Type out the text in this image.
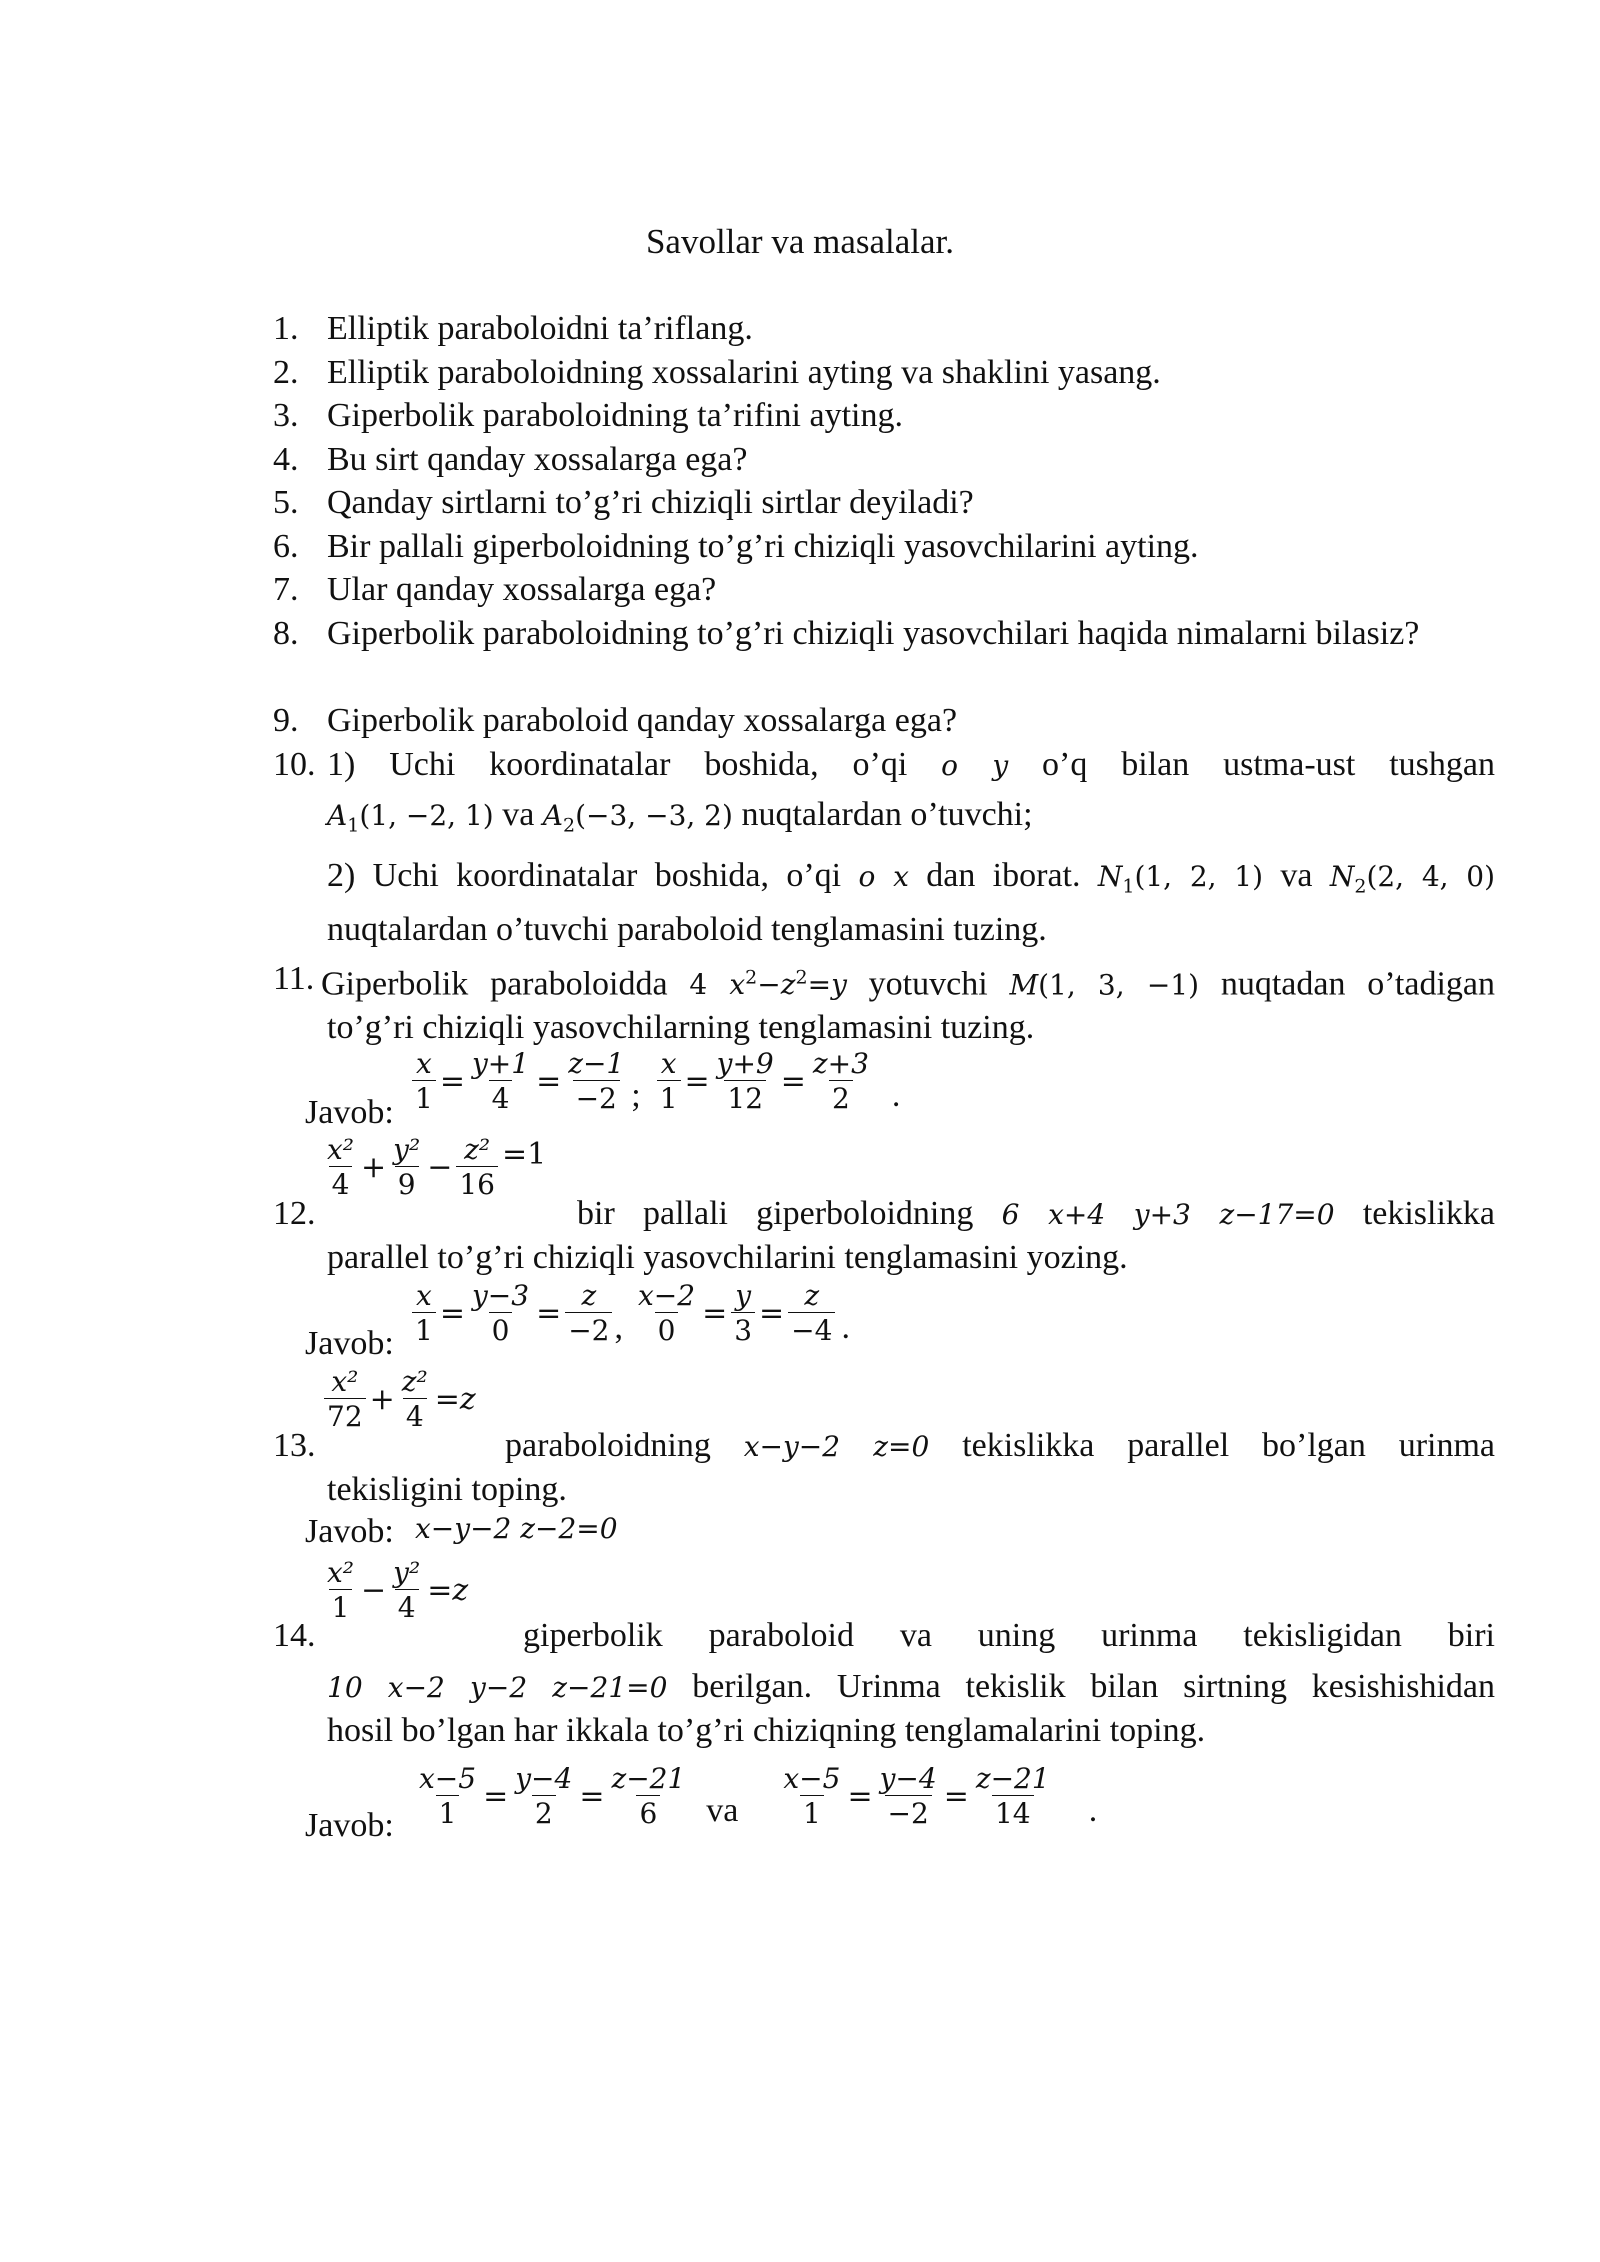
Savollar va masalalar.
1. Elliptik paraboloidni ta’riflang.
2. Elliptik paraboloidning xossalarini ayting va shaklini yasang.
3. Giperbolik paraboloidning ta’rifini ayting.
4. Bu sirt qanday xossalarga ega?
5. Qanday sirtlarni to’g’ri chiziqli sirtlar deyiladi?
6. Bir pallali giperboloidning to’g’ri chiziqli yasovchilarini ayting.
7. Ular qanday xossalarga ega?
8. Giperbolik paraboloidning to’g’ri chiziqli yasovchilari haqida nimalarni bilasiz?
9. Giperbolik paraboloid qanday xossalarga ega?
10. 1) Uchi koordinatalar boshida, o’qi o y o’q bilan ustma-ust tushgan
$A_1(1$, −2, 1) va $A_2(-3$, −3, 2) nuqtalardan o’tuvchi;
2) Uchi koordinatalar boshida, o’qi o x dan iborat. $N_1(1$, 2, 1) va $N_2(2$, 4, 0)
nuqtalardan o’tuvchi paraboloid tenglamasini tuzing.
11. Giperbolik paraboloidda 4 $x^2-z^2=y$ yotuvchi M(1, 3, −1) nuqtadan o’tadigan
to’g’ri chiziqli yasovchilarning tenglamasini tuzing.
Javob: $\frac{x}{1} = \frac{y+1}{4} = \frac{z-1}{-2}$ ; $\frac{x}{1} = \frac{y+9}{12} = \frac{z+3}{2}$ .
$\frac{\text{x²}}{4} + \frac{\text{y²}}{9} - \frac{\text{z²}}{16} =1$
12.	bir pallali giperboloidning 6 x+4 y+3 z−17=0 tekislikka
parallel to’g’ri chiziqli yasovchilarini tenglamasini yozing.
Javob: $\frac{x}{1} = \frac{y-3}{0} = \frac{z}{-2}$ , $\frac{x-2}{0} = \frac{y}{3} = \frac{z}{-4}$ .
$\frac{\text{x²}}{72} + \frac{\text{z²}}{4} =z$
13.	paraboloidning x−y−2 z=0 tekislikka parallel bo’lgan urinma
tekisligini toping.
Javob: x−y−2 z−2=0
$\frac{\text{x²}}{1} - \frac{\text{y²}}{4} =z$
14.	giperbolik paraboloid va uning urinma tekisligidan biri
10 x−2 y−2 z−21=0 berilgan. Urinma tekislik bilan sirtning kesishishidan
hosil bo’lgan har ikkala to’g’ri chiziqning tenglamalarini toping.
Javob: $\frac{x-5}{1} = \frac{y-4}{2} = \frac{z-21}{6}$ va $\frac{x-5}{1} = \frac{y-4}{-2} = \frac{z-21}{14}$ .
